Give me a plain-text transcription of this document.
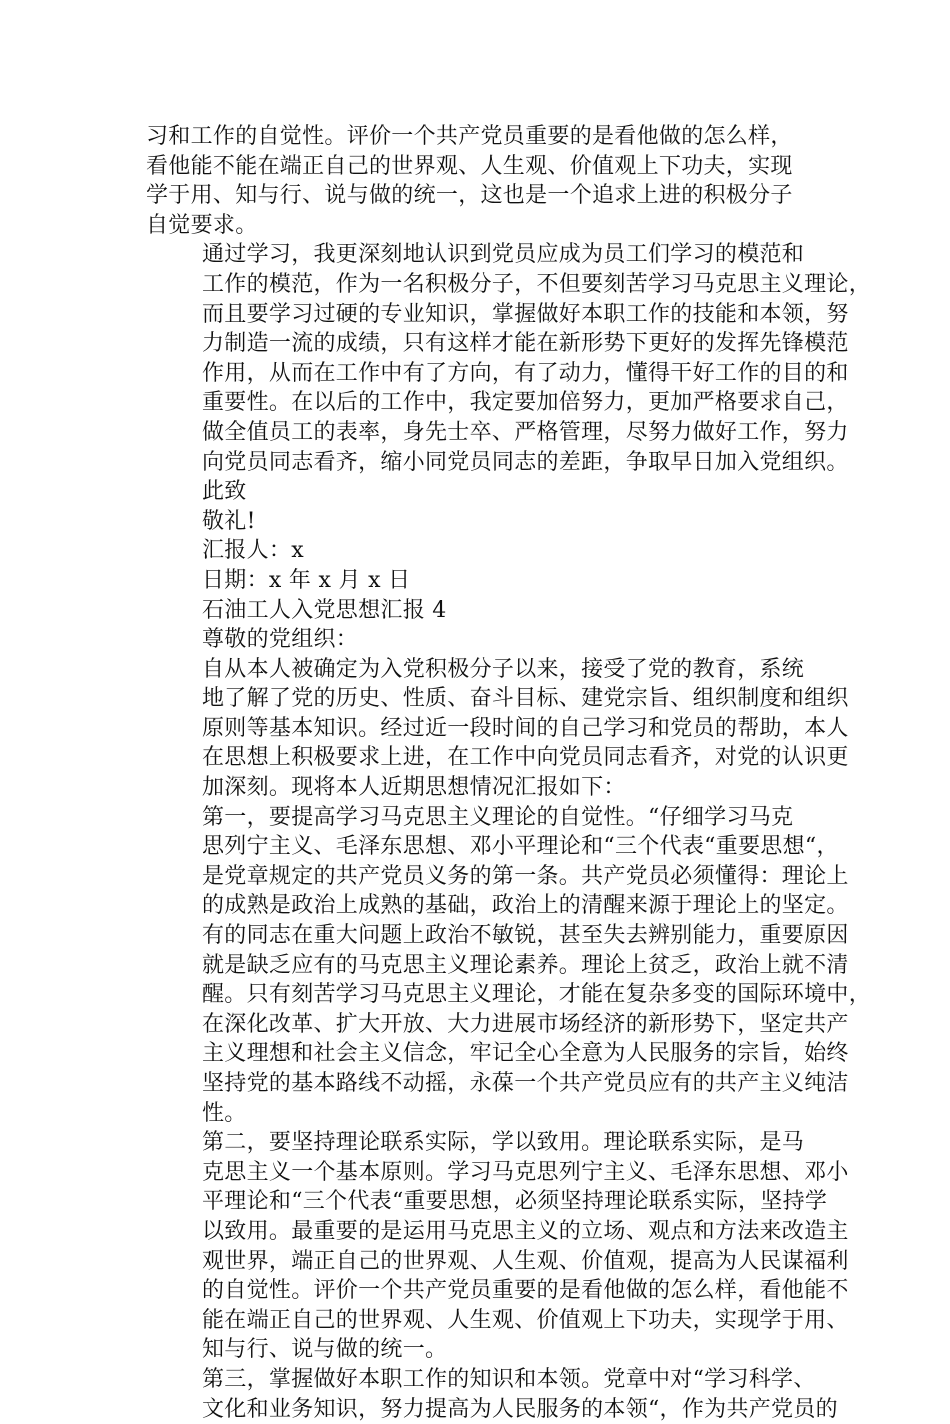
习和工作的自觉性。评价一个共产党员重要的是看他做的怎么样，
看他能不能在端正自己的世界观、人生观、价值观上下功夫，实现
学于用、知与行、说与做的统一，这也是一个追求上进的积极分子
自觉要求。
通过学习，我更深刻地认识到党员应成为员工们学习的模范和
工作的模范，作为一名积极分子，不但要刻苦学习马克思主义理论，
而且要学习过硬的专业知识，掌握做好本职工作的技能和本领，努
力制造一流的成绩，只有这样才能在新形势下更好的发挥先锋模范
作用，从而在工作中有了方向，有了动力，懂得干好工作的目的和
重要性。在以后的工作中，我定要加倍努力，更加严格要求自己，
做全值员工的表率，身先士卒、严格管理，尽努力做好工作，努力
向党员同志看齐，缩小同党员同志的差距，争取早日加入党组织。
此致
敬礼!
汇报人：x
日期：x 年 x 月 x 日
石油工人入党思想汇报 4
尊敬的党组织：
自从本人被确定为入党积极分子以来，接受了党的教育，系统
地了解了党的历史、性质、奋斗目标、建党宗旨、组织制度和组织
原则等基本知识。经过近一段时间的自己学习和党员的帮助，本人
在思想上积极要求上进，在工作中向党员同志看齐，对党的认识更
加深刻。现将本人近期思想情况汇报如下：
第一，要提高学习马克思主义理论的自觉性。“仔细学习马克
思列宁主义、毛泽东思想、邓小平理论和“三个代表“重要思想“，
是党章规定的共产党员义务的第一条。共产党员必须懂得：理论上
的成熟是政治上成熟的基础，政治上的清醒来源于理论上的坚定。
有的同志在重大问题上政治不敏锐，甚至失去辨别能力，重要原因
就是缺乏应有的马克思主义理论素养。理论上贫乏，政治上就不清
醒。只有刻苦学习马克思主义理论，才能在复杂多变的国际环境中，
在深化改革、扩大开放、大力进展市场经济的新形势下，坚定共产
主义理想和社会主义信念，牢记全心全意为人民服务的宗旨，始终
坚持党的基本路线不动摇，永葆一个共产党员应有的共产主义纯洁
性。
第二，要坚持理论联系实际，学以致用。理论联系实际，是马
克思主义一个基本原则。学习马克思列宁主义、毛泽东思想、邓小
平理论和“三个代表“重要思想，必须坚持理论联系实际，坚持学
以致用。最重要的是运用马克思主义的立场、观点和方法来改造主
观世界，端正自己的世界观、人生观、价值观，提高为人民谋福利
的自觉性。评价一个共产党员重要的是看他做的怎么样，看他能不
能在端正自己的世界观、人生观、价值观上下功夫，实现学于用、
知与行、说与做的统一。
第三，掌握做好本职工作的知识和本领。党章中对“学习科学、
文化和业务知识，努力提高为人民服务的本领“，作为共产党员的
